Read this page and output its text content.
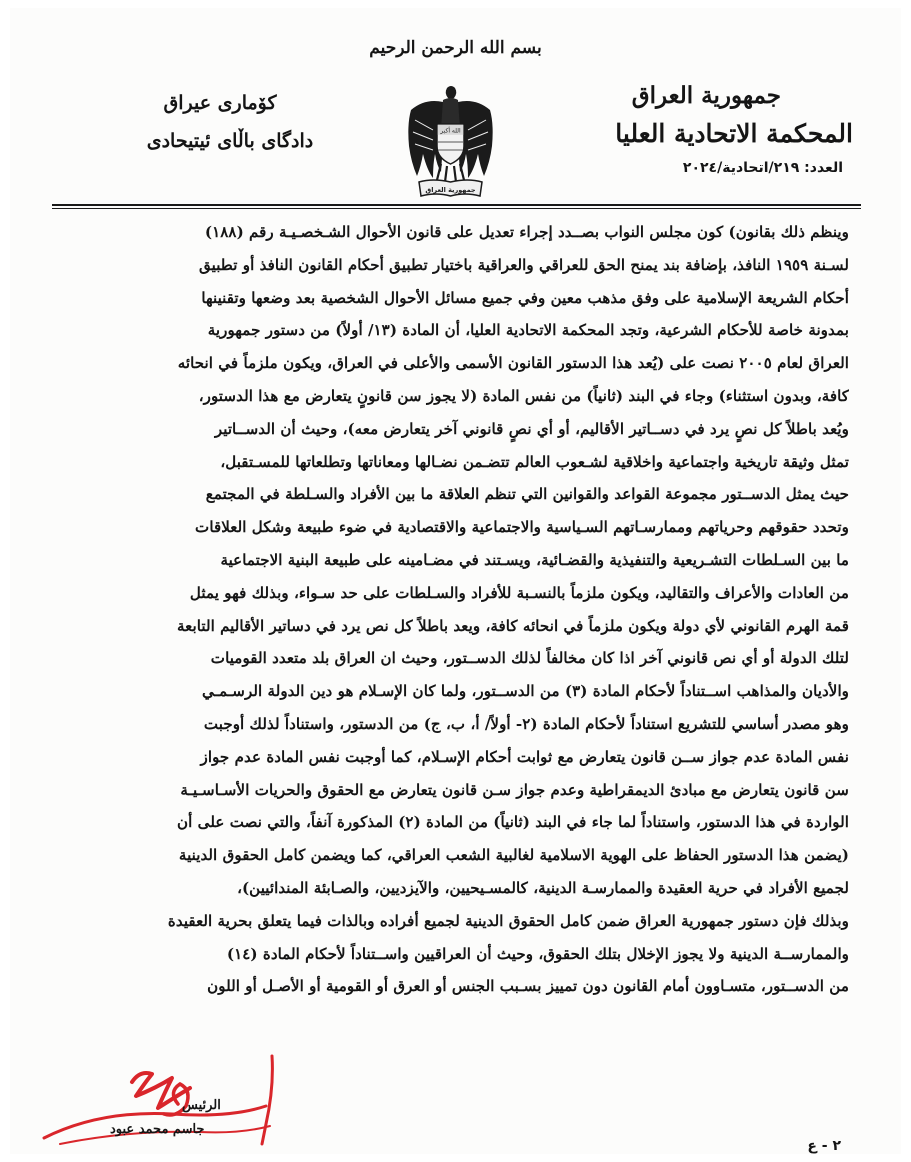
بسم الله الرحمن الرحيم
جمهورية العراق
المحكمة الاتحادية العليا
العدد: ٢١٩/اتحادية/٢٠٢٤
كۆمارى عيراق
دادگاى باڵاى ئيتيحادى	الله أكبر
جمهورية العراق
وينظم ذلك بقانون) كون مجلس النواب بصــدد إجراء تعديل على قانون الأحوال الشـخصـيـة رقم (١٨٨)
لسـنة ١٩٥٩ النافذ، بإضافة بند يمنح الحق للعراقي والعراقية باختيار تطبيق أحكام القانون النافذ أو تطبيق
أحكام الشريعة الإسلامية على وفق مذهب معين وفي جميع مسائل الأحوال الشخصية بعد وضعها وتقنينها
بمدونة خاصة للأحكام الشرعية، وتجد المحكمة الاتحادية العليا، أن المادة (١٣/ أولاً) من دستور جمهورية
العراق لعام ٢٠٠٥ نصت على (يُعد هذا الدستور القانون الأسمى والأعلى في العراق، ويكون ملزماً في انحائه
كافة، وبدون استثناء) وجاء في البند (ثانياً) من نفس المادة (لا يجوز سن قانونٍ يتعارض مع هذا الدستور،
ويُعد باطلاً كل نصٍ يرد في دســاتير الأقاليم، أو أي نصٍ قانوني آخر يتعارض معه)، وحيث أن الدســاتير
تمثل وثيقة تاريخية واجتماعية واخلاقية لشـعوب العالم تتضـمن نضـالها ومعاناتها وتطلعاتها للمسـتقبل،
حيث يمثل الدســتور مجموعة القواعد والقوانين التي تنظم العلاقة ما بين الأفراد والسـلطة في المجتمع
وتحدد حقوقهم وحرياتهم وممارسـاتهم السـياسية والاجتماعية والاقتصادية في ضوء طبيعة وشكل العلاقات
ما بين السـلطات التشـريعية والتنفيذية والقضـائية، ويسـتند في مضـامينه على طبيعة البنية الاجتماعية
من العادات والأعراف والتقاليد، ويكون ملزماً بالنسـبة للأفراد والسـلطات على حد سـواء، وبذلك فهو يمثل
قمة الهرم القانوني لأي دولة ويكون ملزماً في انحائه كافة، ويعد باطلاً كل نص يرد في دساتير الأقاليم التابعة
لتلك الدولة أو أي نص قانوني آخر اذا كان مخالفاً لذلك الدســتور، وحيث ان العراق بلد متعدد القوميات
والأديان والمذاهب اســتناداً لأحكام المادة (٣) من الدســتور، ولما كان الإسـلام هو دين الدولة الرسـمـي
وهو مصدر أساسي للتشريع استناداً لأحكام المادة (٢- أولاً/ أ، ب، ج) من الدستور، واستناداً لذلك أوجبت
نفس المادة عدم جواز ســن قانون يتعارض مع ثوابت أحكام الإسـلام، كما أوجبت نفس المادة عدم جواز
سن قانون يتعارض مع مبادئ الديمقراطية وعدم جواز سـن قانون يتعارض مع الحقوق والحريات الأسـاسـيـة
الواردة في هذا الدستور، واستناداً لما جاء في البند (ثانياً) من المادة (٢) المذكورة آنفاً، والتي نصت على أن
(يضمن هذا الدستور الحفاظ على الهوية الاسلامية لغالبية الشعب العراقي، كما ويضمن كامل الحقوق الدينية
لجميع الأفراد في حرية العقيدة والممارسـة الدينية، كالمسـيحيين، والآيزديين، والصـابئة المندائيين)،
وبذلك فإن دستور جمهورية العراق ضمن كامل الحقوق الدينية لجميع أفراده وبالذات فيما يتعلق بحرية العقيدة
والممارســة الدينية ولا يجوز الإخلال بتلك الحقوق، وحيث أن العراقيين واســتناداً لأحكام المادة (١٤)
من الدســتور، متسـاوون أمام القانون دون تمييز بسـبب الجنس أو العرق أو القومية أو الأصـل أو اللون
الرئيس
جاسم محمد عبود
٢ - ع
